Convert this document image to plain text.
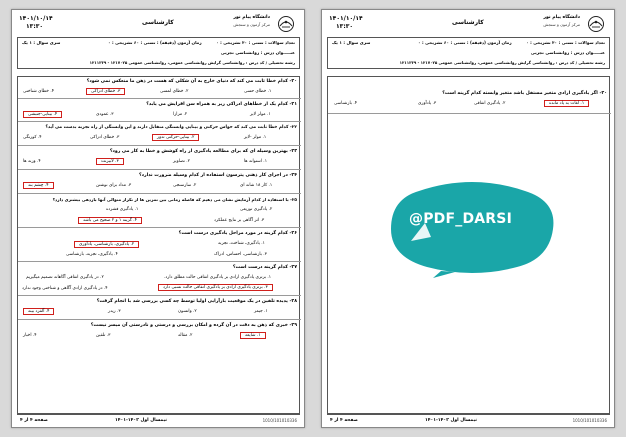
۱۴۰۱/۱۰/۱۴
۱۳:۳۰
کارشناسی
دانشگاه پیام نور
مرکز آزمون و سنجش
تعداد سوالات : تستی : ۳۰ تشریحی : ۰
زمان آزمون (دقیقه) : تستی : ۶۰ تشریحی : ۰
سری سوال : ۱ یک
عنـــــوان درس : روانشناسی تجربی
رشته تحصیلی / کد درس : روانشناسی گرایش روانشناسی عمومی، روانشناسی عمومی ۱۲۱۷۰۲۵ - ۱۲۱۱۳۳۹
۲۰- کدام خطا ثابت می کند که دنیای خارج به آن شکلی که هست در ذهن ما منعکس نمی شود؟
۴. خطای شناختی	۳. خطای ادراکی	۲. خطای لمسی	۱. خطای حسی
۲۱- کدام یک از خطاهای ادراکی زیر به همراه سن افزایش می یابد؟
۴. بینایی-جنبشی	۳. عمودی	۲. مرازا	۱. مولر لایر
۲۲- کدام خطا ثابت می کند که حواس حرکتی و بینایی وابستگی متقابل دارند و این وابستگی از راه تجربه بدست می آید؟
۴. کورنگی	۳. خطای ادراکی	۲. بینایی-حرکتی تدور	۱. مولر -لایر
۲۳- بهترین وسیله ای که برای مطالعه یادگیری از راه کوشش و خطا به کار می رود؟
۴. وزنه ها	۳. لابیرنت	۲. تصاویر	۱. استوانه ها
۲۴- در اجرای کار ذهنی پترسون استفاده از کدام وسیله ضرورت ندارد؟
۴. چشم بند	۳. مداد برای نوشتن	۲. سازسنجی	۱. کار ۱۸ شانه ای
۲۵- با استفاده از کدام آزمایش نشان می دهیم که فاصله زمانی بین تمرین ها از تکرار متوالی آنها بازدهی بیشتری دارد؟
۱. یادگیری فشرده	۲. یادگیری توزیعی
۴. گزینه ۱ و ۲ صحیح می باشد	۳. اثر آگاهی بر نتایج عملکرد
۲۶- کدام گزینه در مورد مراحل یادگیری درست است؟
۱. یادگیری، شناخت، تجربه
۲. یادگیری، بازشناسی، یادآوری
۳. بازشناسی، احساس، ادراک
۴. یادگیری، تجربه، بازشناسی
۲۷- کدام گزینه درست است؟
۱. برتری یادگیری ارادی بر یادگیری اتفاقی حالت مطلق دارد.
۲. در یادگیری اتفاقی آگاهانه تصمیم میگیریم
۳. برتری یادگیری ارادی بر یادگیری اتفاقی حالت نسبی دارد
۴. در یادگیری ارادی آگاهی و شناختی وجود ندارد
۲۸- پدیده تلقین در یک موقعیت بازآرایی اولیا توسط چه کسی بررسی شد با انجام گرفت؟
۴. آلفرد بینه	۳. ریدر	۲. واتسون	۱. جیمز
۲۹- خبری که ذهن به دقت در آن گرده و امکان بررسی و درستی و نادرستی آن میسر نیست؟
۴. اخبار	۳. تلقین	۲. مقاله	۱. شایعه
صفحه ۴ از ۴	نیمسال اول ۱۴۰۲-۱۴۰۱	1010/101010336
۱۴۰۱/۱۰/۱۴
۱۳:۳۰
کارشناسی
دانشگاه پیام نور
مرکز آزمون و سنجش
تعداد سوالات : تستی : ۳۰ تشریحی : ۰
زمان آزمون (دقیقه) : تستی : ۶۰ تشریحی : ۰
سری سوال : ۱ یک
عنـــــوان درس : روانشناسی تجربی
رشته تحصیلی / کد درس : روانشناسی گرایش روانشناسی عمومی، روانشناسی عمومی ۱۲۱۷۰۲۵ - ۱۲۱۱۳۳۹
۳۰- اگر یادگیری ارادی متغیر مستقل باشد متغیر وابسته کدام گزینه است؟
۴. بازشناسی	۳. یادآوری	۲. یادگیری اتفاقی	۱. لغات به یاد مانده
@PDF_DARSI
صفحه ۴ از ۴	نیمسال اول ۱۴۰۲-۱۴۰۱	1010/101010336
